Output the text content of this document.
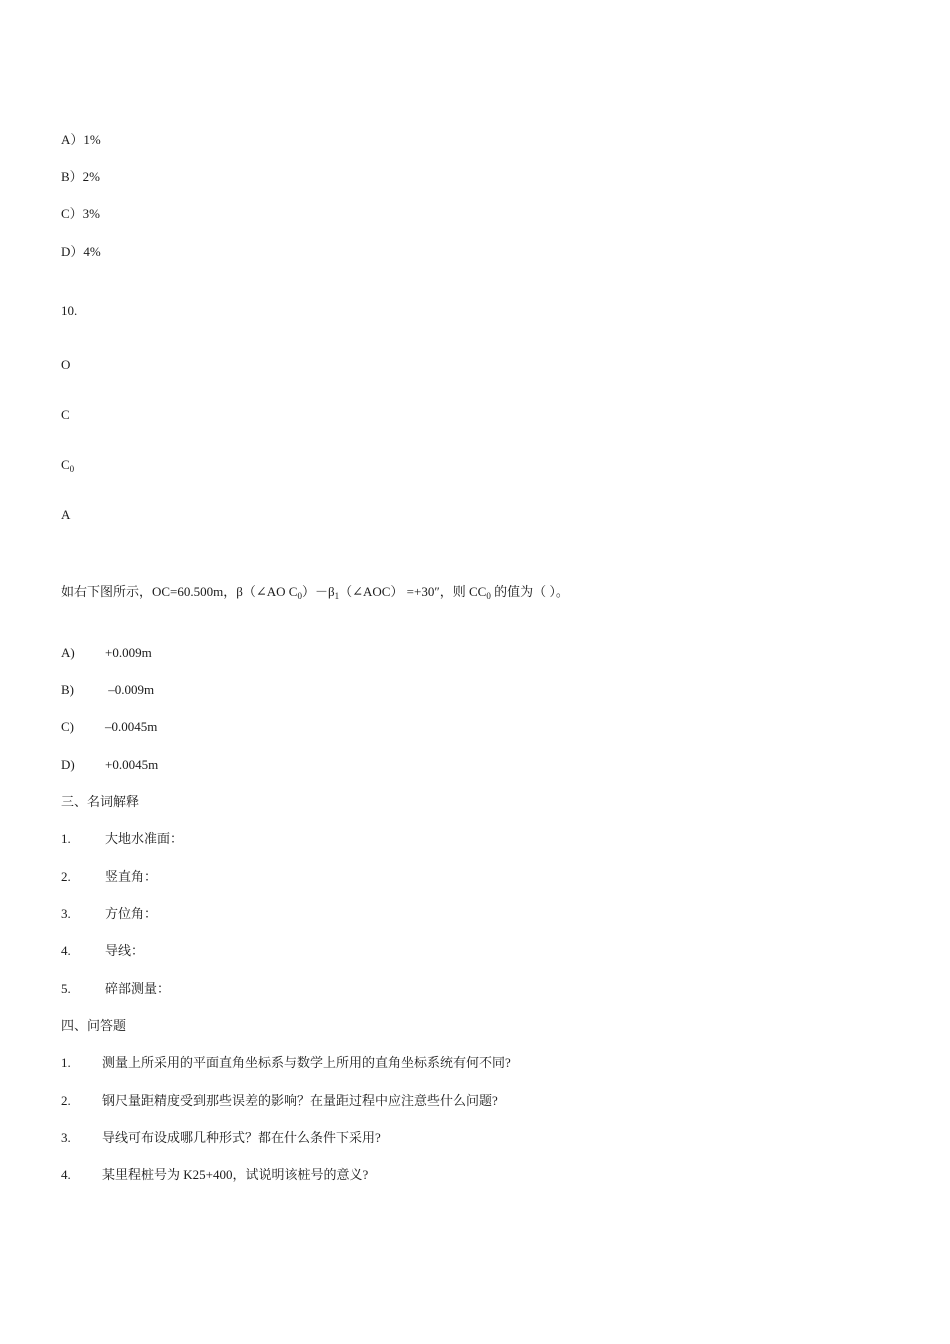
A）1%
B）2%
C）3%
D）4%
10.
O
C
$C_0$
A
如右下图所示，OC=60.500m，β（∠AO $C_0)-\beta_1(\angle AOC) =+30''$，则 $CC_0$ 的值为（ ）。
A) +0.009m
B) –0.009m
C) –0.0045m
D) +0.0045m
三、名词解释
1.	大地水准面：
2.	竖直角：
3.	方位角：
4.	导线：
5.	碎部测量：
四、问答题
1. 测量上所采用的平面直角坐标系与数学上所用的直角坐标系统有何不同?
2. 钢尺量距精度受到那些误差的影响？在量距过程中应注意些什么问题?
3. 导线可布设成哪几种形式？都在什么条件下采用?
4. 某里程桩号为 K25+400，试说明该桩号的意义?
